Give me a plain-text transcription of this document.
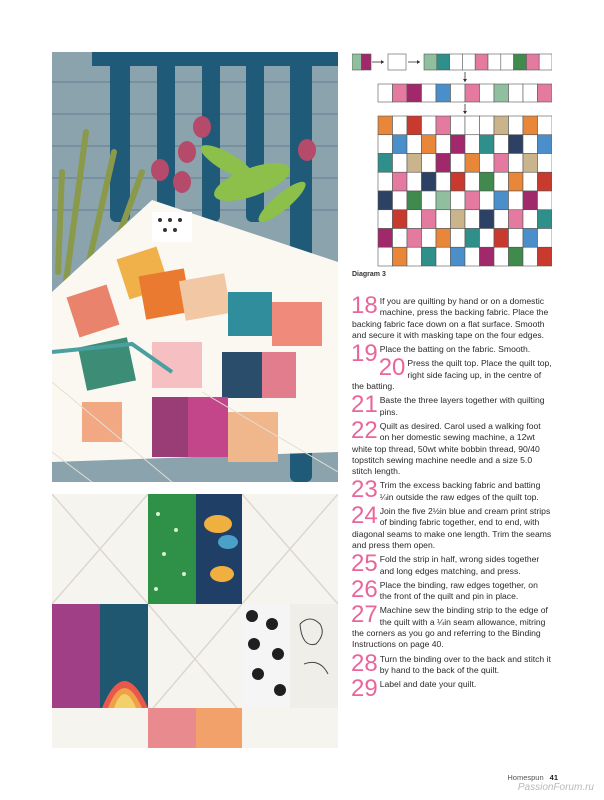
Diagram 3
18 If you are quilting by hand or on a domestic machine, press the backing fabric. Place the backing fabric face down on a flat surface. Smooth and secure it with masking tape on the four edges.
19 Place the batting on the fabric. Smooth.
20 Press the quilt top. Place the quilt top, right side facing up, in the centre of the batting.
21 Baste the three layers together with quilting pins.
22 Quilt as desired. Carol used a walking foot on her domestic sewing machine, a 12wt white top thread, 50wt white bobbin thread, 90/40 topstitch sewing machine needle and a size 5.0 stitch length.
23 Trim the excess backing fabric and batting ¼in outside the raw edges of the quilt top.
24 Join the five 2½in blue and cream print strips of binding fabric together, end to end, with diagonal seams to make one length. Trim the seams and press them open.
25 Fold the strip in half, wrong sides together and long edges matching, and press.
26 Place the binding, raw edges together, on the front of the quilt and pin in place.
27 Machine sew the binding strip to the edge of the quilt with a ¼in seam allowance, mitring the corners as you go and referring to the Binding Instructions on page 40.
28 Turn the binding over to the back and stitch it by hand to the back of the quilt.
29 Label and date your quilt.
Homespun 41
PassionForum.ru
